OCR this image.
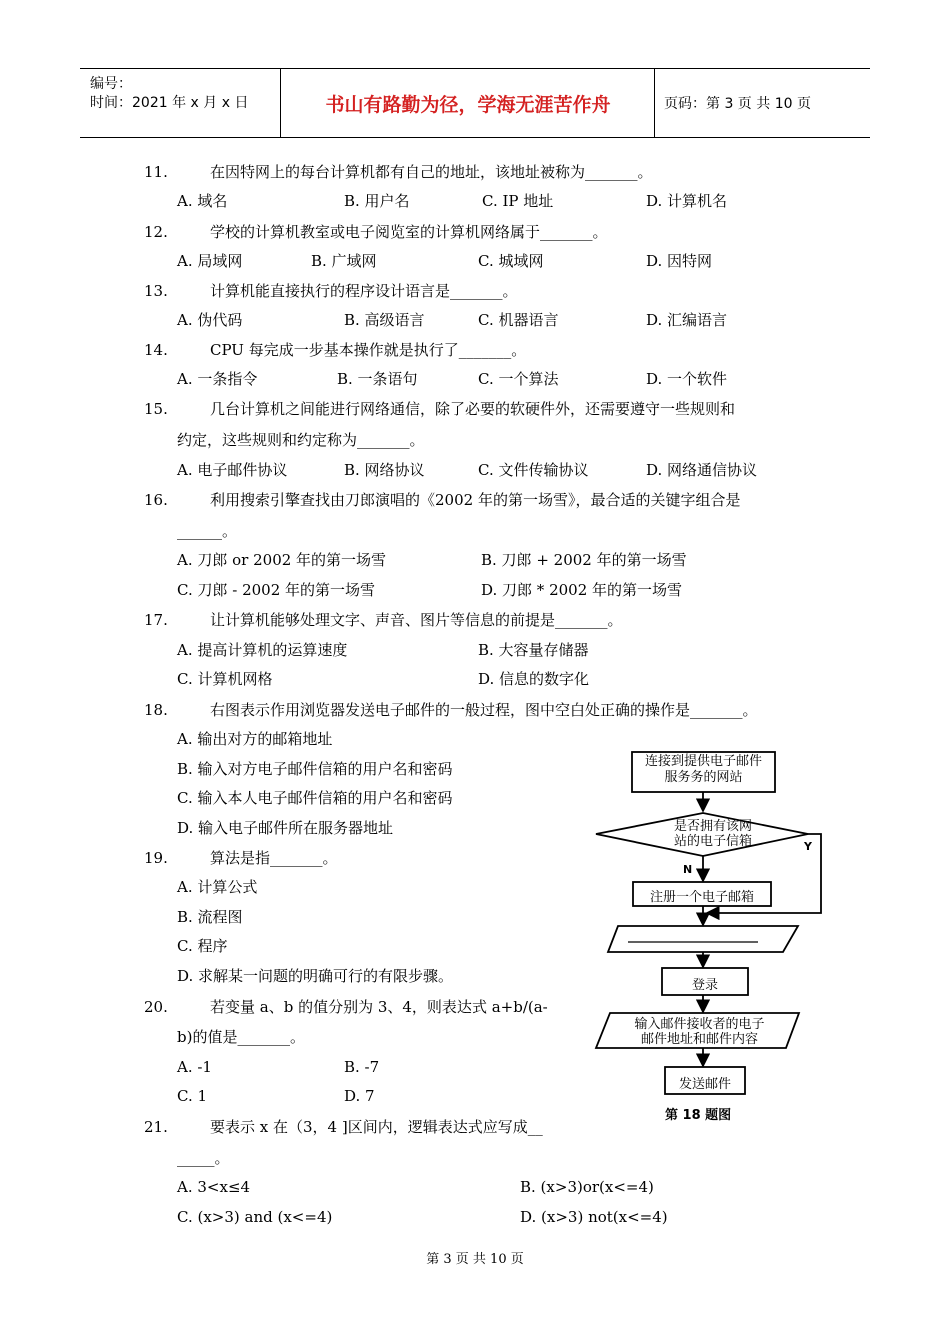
编号：
时间：2021 年 x 月 x 日	书山有路勤为径，学海无涯苦作舟	页码：第 3 页 共 10 页
11.	在因特网上的每台计算机都有自己的地址，该地址被称为_______。
A. 域名	B. 用户名	C. IP 地址	D. 计算机名
12.	学校的计算机教室或电子阅览室的计算机网络属于_______。
A. 局域网	B. 广域网	C. 城域网	D. 因特网
13.	计算机能直接执行的程序设计语言是_______。
A. 伪代码	B. 高级语言	C. 机器语言	D. 汇编语言
14.	CPU 每完成一步基本操作就是执行了_______。
A. 一条指令	B. 一条语句	C. 一个算法	D. 一个软件
15.	几台计算机之间能进行网络通信，除了必要的软硬件外，还需要遵守一些规则和
约定，这些规则和约定称为_______。
A. 电子邮件协议	B. 网络协议	C. 文件传输协议	D. 网络通信协议
16.	利用搜索引擎查找由刀郎演唱的《2002 年的第一场雪》，最合适的关键字组合是
______。
A. 刀郎 or 2002 年的第一场雪	B. 刀郎 + 2002 年的第一场雪
C. 刀郎 - 2002 年的第一场雪	D. 刀郎 * 2002 年的第一场雪
17.	让计算机能够处理文字、声音、图片等信息的前提是_______。
A. 提高计算机的运算速度	B. 大容量存储器
C. 计算机网格	D. 信息的数字化
18.	右图表示作用浏览器发送电子邮件的一般过程，图中空白处正确的操作是_______。
A. 输出对方的邮箱地址
B. 输入对方电子邮件信箱的用户名和密码
C. 输入本人电子邮件信箱的用户名和密码
D. 输入电子邮件所在服务器地址
19.	算法是指_______。
A. 计算公式
B. 流程图
C. 程序
D. 求解某一问题的明确可行的有限步骤。
20.	若变量 a、b 的值分别为 3、4，则表达式 a+b/(a-
b)的值是_______。
A. -1	B. -7
C. 1	D. 7
21.	要表示 x 在（3，4 ]区间内，逻辑表达式应写成__
_____。
A. 3<x≤4	B. (x>3)or(x<=4)
C. (x>3) and (x<=4)	D. (x>3) not(x<=4)
连接到提供电子邮件
服务务的网站
是否拥有该网
站的电子信箱	Y
N
注册一个电子邮箱
登录
输入邮件接收者的电子
邮件地址和邮件内容
发送邮件
第 18 题图
第 3 页 共 10 页
